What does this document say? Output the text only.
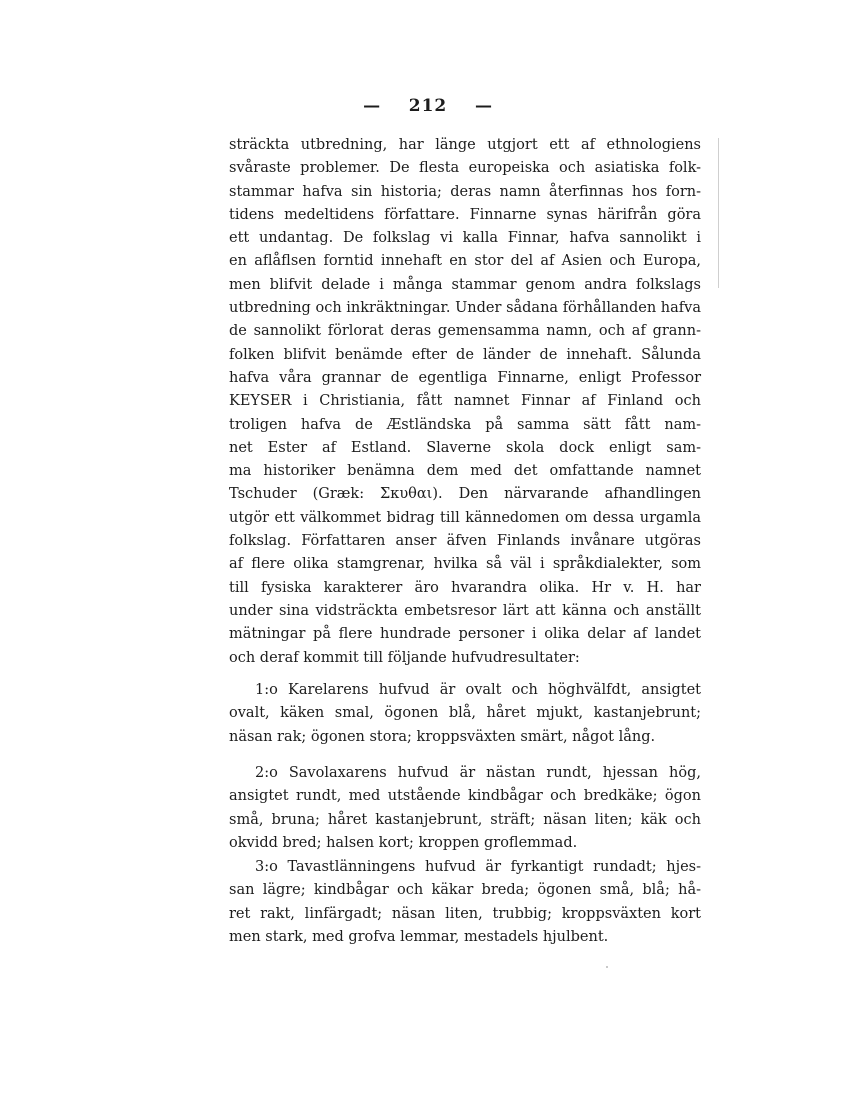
— 212 —
sträckta utbredning, har länge utgjort ett af ethnologiens
svåraste problemer. De flesta europeiska och asiatiska folk-
stammar hafva sin historia; deras namn återfinnas hos forn-
tidens medeltidens författare. Finnarne synas härifrån göra
ett undantag. De folkslag vi kalla Finnar, hafva sannolikt i
en aflåflsen forntid innehaft en stor del af Asien och Europa,
men blifvit delade i många stammar genom andra folkslags
utbredning och inkräktningar. Under sådana förhållanden hafva
de sannolikt förlorat deras gemensamma namn, och af grann-
folken blifvit benämde efter de länder de innehaft. Sålunda
hafva våra grannar de egentliga Finnarne, enligt Professor
KEYSER i Christiania, fått namnet Finnar af Finland och
troligen hafva de Æstländska på samma sätt fått nam-
net Ester af Estland. Slaverne skola dock enligt sam-
ma historiker benämna dem med det omfattande namnet
Tschuder (Græk: Σκυθαι). Den närvarande afhandlingen
utgör ett välkommet bidrag till kännedomen om dessa urgamla
folkslag. Författaren anser äfven Finlands invånare utgöras
af flere olika stamgrenar, hvilka så väl i språkdialekter, som
till fysiska karakterer äro hvarandra olika. Hr v. H. har
under sina vidsträckta embetsresor lärt att känna och anställt
mätningar på flere hundrade personer i olika delar af landet
och deraf kommit till följande hufvudresultater:
1:o Karelarens hufvud är ovalt och höghvälfdt, ansigtet
ovalt, käken smal, ögonen blå, håret mjukt, kastanjebrunt;
näsan rak; ögonen stora; kroppsväxten smärt, något lång.
2:o Savolaxarens hufvud är nästan rundt, hjessan hög,
ansigtet rundt, med utstående kindbågar och bredkäke; ögon
små, bruna; håret kastanjebrunt, sträft; näsan liten; käk och
okvidd bred; halsen kort; kroppen groflemmad.
3:o Tavastlänningens hufvud är fyrkantigt rundadt; hjes-
san lägre; kindbågar och käkar breda; ögonen små, blå; hå-
ret rakt, linfärgadt; näsan liten, trubbig; kroppsväxten kort
men stark, med grofva lemmar, mestadels hjulbent.
